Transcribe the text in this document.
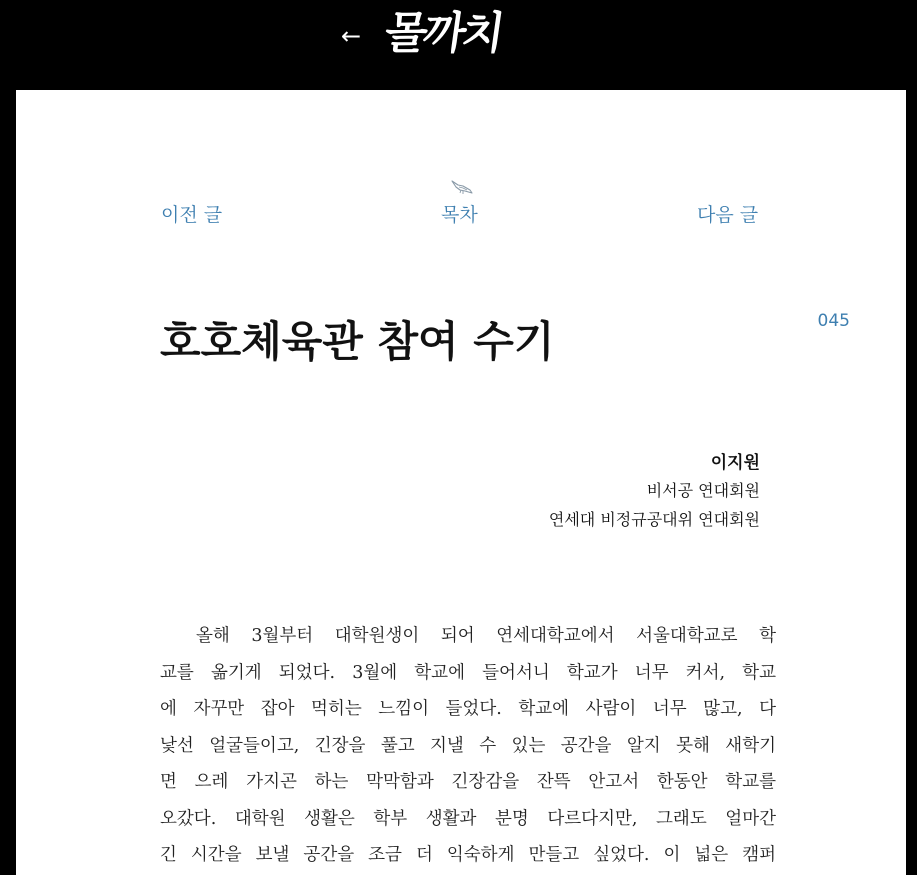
← 몰까치
이전 글	목차	다음 글
045
호호체육관 참여 수기
이지원
비서공 연대회원
연세대 비정규공대위 연대회원
올해 3월부터 대학원생이 되어 연세대학교에서 서울대학교로 학
교를 옮기게 되었다. 3월에 학교에 들어서니 학교가 너무 커서, 학교
에 자꾸만 잡아 먹히는 느낌이 들었다. 학교에 사람이 너무 많고, 다
낯선 얼굴들이고, 긴장을 풀고 지낼 수 있는 공간을 알지 못해 새학기
면 으레 가지곤 하는 막막함과 긴장감을 잔뜩 안고서 한동안 학교를
오갔다. 대학원 생활은 학부 생활과 분명 다르다지만, 그래도 얼마간
긴 시간을 보낼 공간을 조금 더 익숙하게 만들고 싶었다. 이 넓은 캠퍼
